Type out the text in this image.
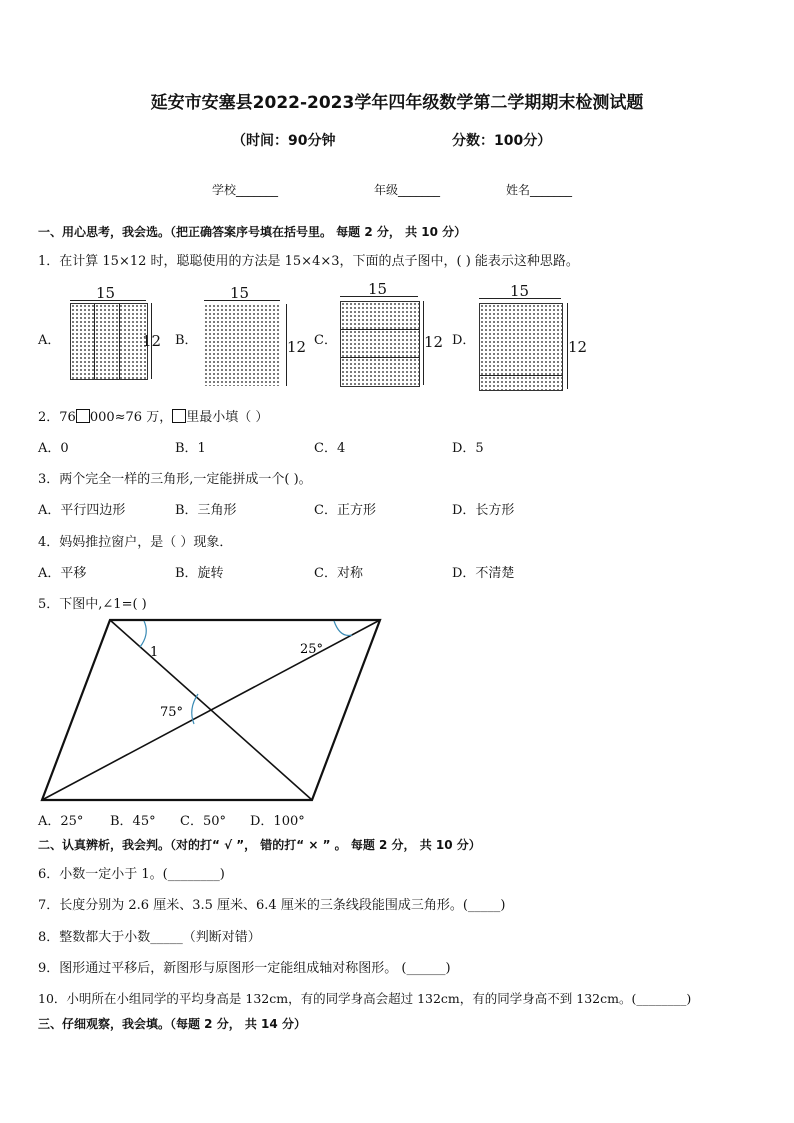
延安市安塞县2022-2023学年四年级数学第二学期期末检测试题
（时间：90分钟	分数：100分）
学校_______	年级_______	姓名_______
一、用心思考，我会选。（把正确答案序号填在括号里。 每题 2 分， 共 10 分）
1．在计算 15×12 时，聪聪使用的方法是 15×4×3，下面的点子图中，( ) 能表示这种思路。
A．
15
12 B．
15
12 C．
15
12 D．
15
12
2．76 000≈76 万， 里最小填（ ）
A．0	B．1	C．4	D．5
3．两个完全一样的三角形,一定能拼成一个( )。
A．平行四边形	B．三角形	C．正方形	D．长方形
4．妈妈推拉窗户，是（ ）现象．
A．平移	B．旋转	C．对称	D．不清楚
5．下图中,∠1=( )
1	25°
75°
A．25° B．45° C．50° D．100°
二、认真辨析，我会判。（对的打“ √ ”， 错的打“ × ” 。 每题 2 分， 共 10 分）
6．小数一定小于 1。(________)
7．长度分别为 2.6 厘米、3.5 厘米、6.4 厘米的三条线段能围成三角形。(_____)
8．整数都大于小数_____（判断对错）
9．图形通过平移后，新图形与原图形一定能组成轴对称图形。 (______)
10．小明所在小组同学的平均身高是 132cm，有的同学身高会超过 132cm，有的同学身高不到 132cm。(________)
三、仔细观察，我会填。（每题 2 分， 共 14 分）
